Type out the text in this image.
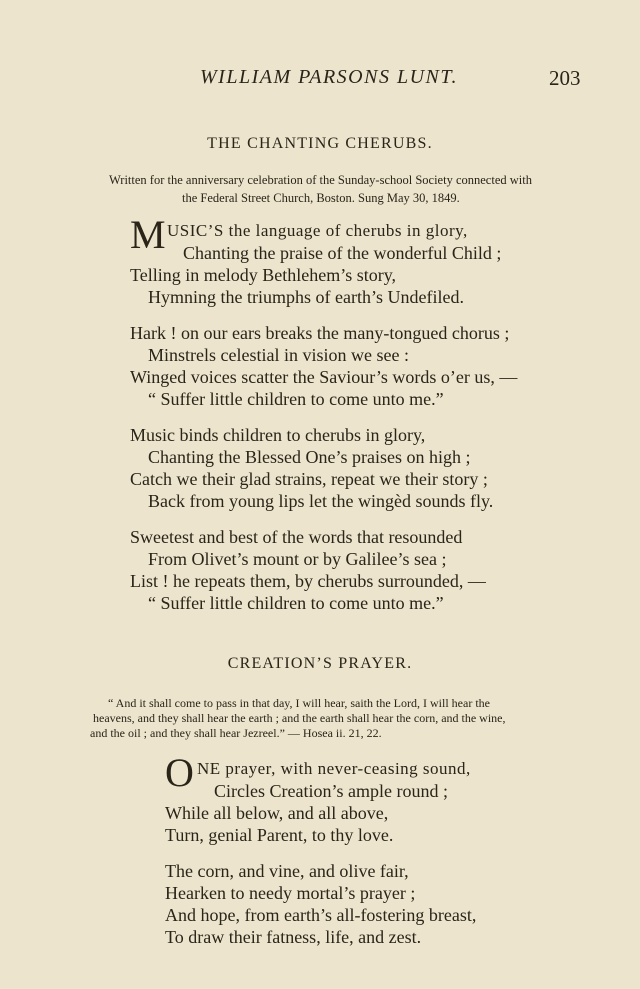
WILLIAM PARSONS LUNT.	203
THE CHANTING CHERUBS.
Written for the anniversary celebration of the Sunday-school Society connected with
the Federal Street Church, Boston. Sung May 30, 1849.
M USIC’S the language of cherubs in glory,
Chanting the praise of the wonderful Child ;
Telling in melody Bethlehem’s story,
Hymning the triumphs of earth’s Undefiled.
Hark ! on our ears breaks the many-tongued chorus ;
Minstrels celestial in vision we see :
Winged voices scatter the Saviour’s words o’er us, —
“ Suffer little children to come unto me.”
Music binds children to cherubs in glory,
Chanting the Blessed One’s praises on high ;
Catch we their glad strains, repeat we their story ;
Back from young lips let the wingèd sounds fly.
Sweetest and best of the words that resounded
From Olivet’s mount or by Galilee’s sea ;
List ! he repeats them, by cherubs surrounded, —
“ Suffer little children to come unto me.”
CREATION’S PRAYER.
“ And it shall come to pass in that day, I will hear, saith the Lord, I will hear the
heavens, and they shall hear the earth ; and the earth shall hear the corn, and the wine,
and the oil ; and they shall hear Jezreel.” — Hosea ii. 21, 22.
O NE prayer, with never-ceasing sound,
Circles Creation’s ample round ;
While all below, and all above,
Turn, genial Parent, to thy love.
The corn, and vine, and olive fair,
Hearken to needy mortal’s prayer ;
And hope, from earth’s all-fostering breast,
To draw their fatness, life, and zest.
